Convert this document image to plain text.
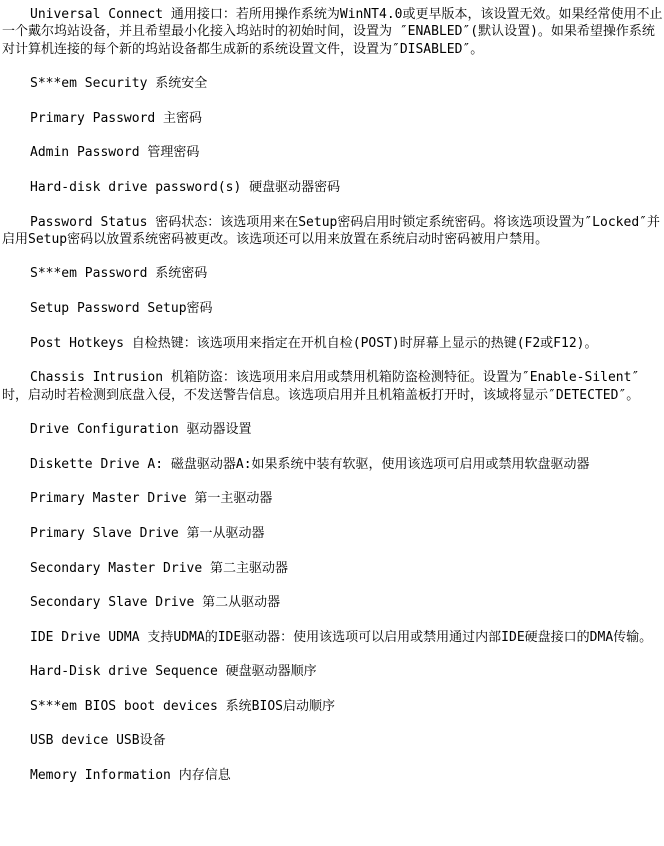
Universal Connect 通用接口：若所用操作系统为WinNT4.0或更早版本，该设置无效。如果经常使用不止一个戴尔坞站设备，并且希望最小化接入坞站时的初始时间，设置为 ″ENABLED″(默认设置)。如果希望操作系统对计算机连接的每个新的坞站设备都生成新的系统设置文件，设置为″DISABLED″。

S***em Security 系统安全

Primary Password 主密码

Admin Password 管理密码

Hard-disk drive password(s) 硬盘驱动器密码

Password Status 密码状态：该选项用来在Setup密码启用时锁定系统密码。将该选项设置为″Locked″并启用Setup密码以放置系统密码被更改。该选项还可以用来放置在系统启动时密码被用户禁用。

S***em Password 系统密码

Setup Password Setup密码

Post Hotkeys 自检热键：该选项用来指定在开机自检(POST)时屏幕上显示的热键(F2或F12)。

Chassis Intrusion 机箱防盗：该选项用来启用或禁用机箱防盗检测特征。设置为″Enable-Silent″时，启动时若检测到底盘入侵，不发送警告信息。该选项启用并且机箱盖板打开时，该域将显示″DETECTED″。

Drive Configuration 驱动器设置

Diskette Drive A: 磁盘驱动器A:如果系统中装有软驱，使用该选项可启用或禁用软盘驱动器

Primary Master Drive 第一主驱动器

Primary Slave Drive 第一从驱动器

Secondary Master Drive 第二主驱动器

Secondary Slave Drive 第二从驱动器

IDE Drive UDMA 支持UDMA的IDE驱动器：使用该选项可以启用或禁用通过内部IDE硬盘接口的DMA传输。

Hard-Disk drive Sequence 硬盘驱动器顺序

S***em BIOS boot devices 系统BIOS启动顺序

USB device USB设备

Memory Information 内存信息
